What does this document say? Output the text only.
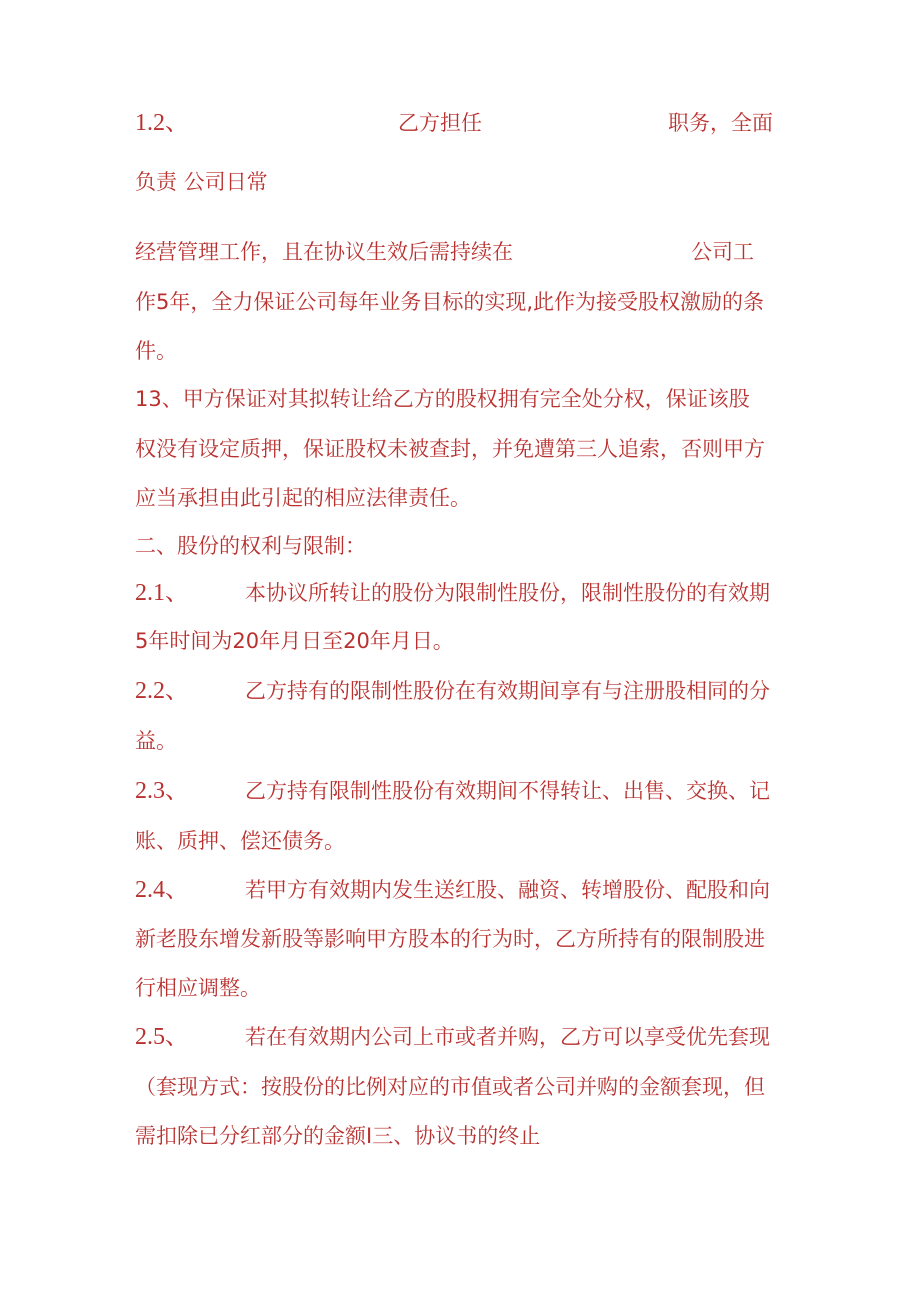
1.2、	乙方担任	职务，全面
负责 公司日常
经营管理工作，且在协议生效后需持续在	公司工
作5年，全力保证公司每年业务目标的实现,此作为接受股权激励的条
件。
13、甲方保证对其拟转让给乙方的股权拥有完全处分权，保证该股
权没有设定质押，保证股权未被查封，并免遭第三人追索，否则甲方
应当承担由此引起的相应法律责任。
二、股份的权利与限制：
2.1、	本协议所转让的股份为限制性股份，限制性股份的有效期
5年时间为20年月日至20年月日。
2.2、	乙方持有的限制性股份在有效期间享有与注册股相同的分
益。
2.3、	乙方持有限制性股份有效期间不得转让、出售、交换、记
账、质押、偿还债务。
2.4、	若甲方有效期内发生送红股、融资、转增股份、配股和向
新老股东增发新股等影响甲方股本的行为时，乙方所持有的限制股进
行相应调整。
2.5、	若在有效期内公司上市或者并购，乙方可以享受优先套现
（套现方式：按股份的比例对应的市值或者公司并购的金额套现，但
需扣除已分红部分的金额I三、协议书的终止
